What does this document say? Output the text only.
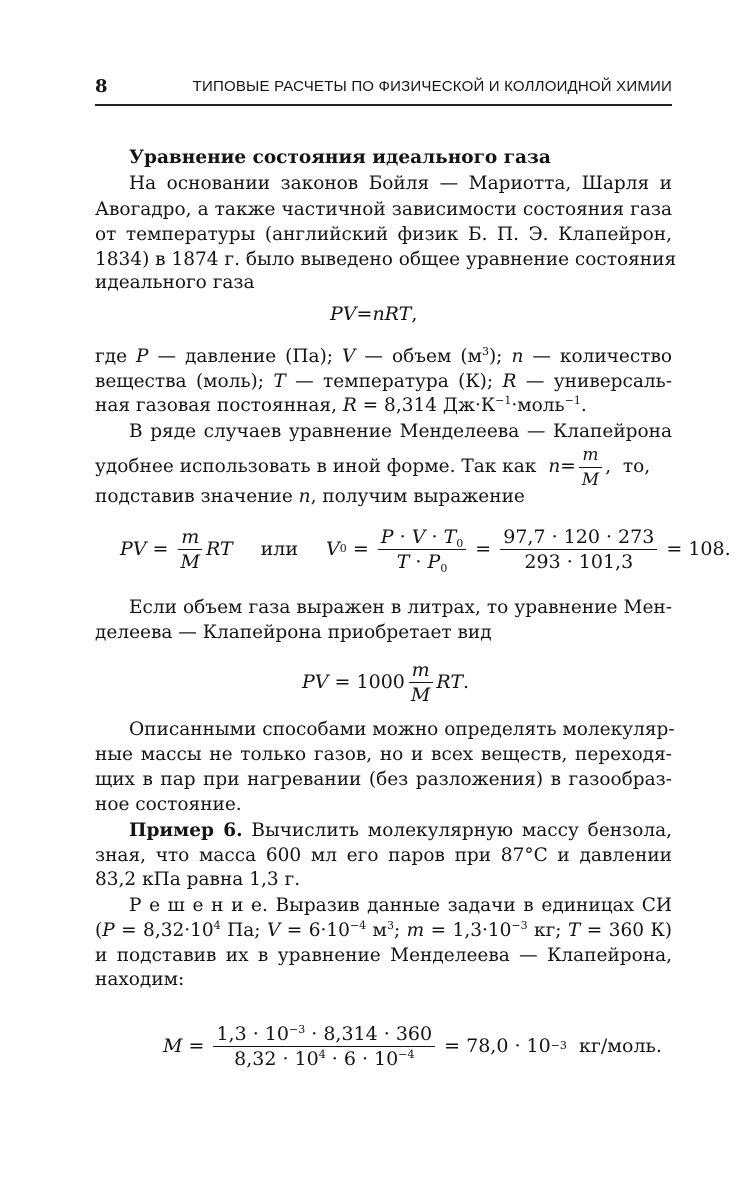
8	ТИПОВЫЕ РАСЧЕТЫ ПО ФИЗИЧЕСКОЙ И КОЛЛОИДНОЙ ХИМИИ
Уравнение состояния идеального газа
На основании законов Бойля — Мариотта, Шарля и
Авогадро, а также частичной зависимости состояния газа
от температуры (английский физик Б. П. Э. Клапейрон,
1834) в 1874 г. было выведено общее уравнение состояния
идеального газа
PV = nRT ,
где P — давление (Па); V — объем $(м^3)$; n — количество
вещества (моль); T — температура (К); R — универсаль-
ная газовая постоянная, R = 8,314 $Дж\cdot К^{-1}\cdot моль^{-1}$.
В ряде случаев уравнение Менделеева — Клапейрона
удобнее использовать в иной форме. Так как $n = \frac{m}{M}$ ,  то,
подставив значение n, получим выражение
PV = $\frac{m}{M}$ RT или V $0 = \frac{P \cdot V \cdot T_0}{T \cdot P_0} = \frac{97,7 \cdot 120 \cdot 273}{293 \cdot 101,3} = 108$.
Если объем газа выражен в литрах, то уравнение Мен-
делеева — Клапейрона приобретает вид
PV = $1000 \frac{m}{M}$ RT .
Описанными способами можно определять молекуляр-
ные массы не только газов, но и всех веществ, переходя-
щих в пар при нагревании (без разложения) в газообраз-
ное состояние.
Пример 6. Вычислить молекулярную массу бензола,
зная, что масса 600 мл его паров при 87°С и давлении
83,2 кПа равна 1,3 г.
Р е ш е н и е. Выразив данные задачи в единицах СИ
($P = 8,32\cdot 10^4$ Па; $V = 6\cdot 10^{-4}$ $м^3$; $m = 1,3\cdot 10^{-3}$ кг; T = 360 К)
и подставив их в уравнение Менделеева — Клапейрона,
находим:
$M = \frac{1,3 \cdot 10^{-3} \cdot 8,314 \cdot 360}{8,32 \cdot 10^4 \cdot 6 \cdot 10^{-4}} = 78,0 \cdot 10 -3$ кг/моль.
